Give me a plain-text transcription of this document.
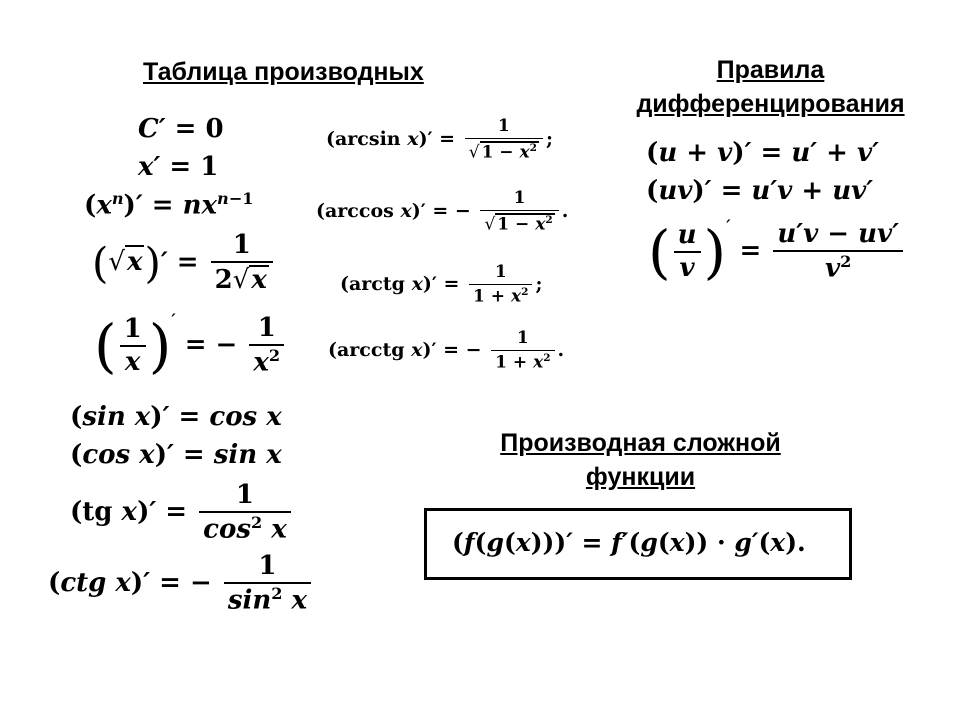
Таблица производных	Правила
дифференцирования
Производная сложной
функции
C′ = 0
x′ = 1
$(x^n)' = nx^{n-1}$
$(√x)' = \frac{1}{2√x}$
( $\frac{1}{x} )'$ = − $\frac{1}{x^2}$
(sin x)′ = cos x
(cos x)′ = sin x
(tg $x)' = \frac{1}{\cos^2 x}$
(ctg x)′ = − $\frac{1}{\sin^2 x}$
(arcsin $x)' = \frac{1}{√ 1 - x^2}$ ;
(arccos x)′ = − $\frac{1}{√ 1 - x^2}$ .
(arctg $x)' = \frac{1}{1 + x^2}$ ;
(arcctg x)′ = − $\frac{1}{1 + x^2}$ .
(u + v)′ = u′ + v′
(uv)′ = u′v + uv′
( $\frac{u}{v} )' = \frac{u'v - uv'}{v^2}$
(f(g(x)))′ = f′(g(x)) · g′(x).
